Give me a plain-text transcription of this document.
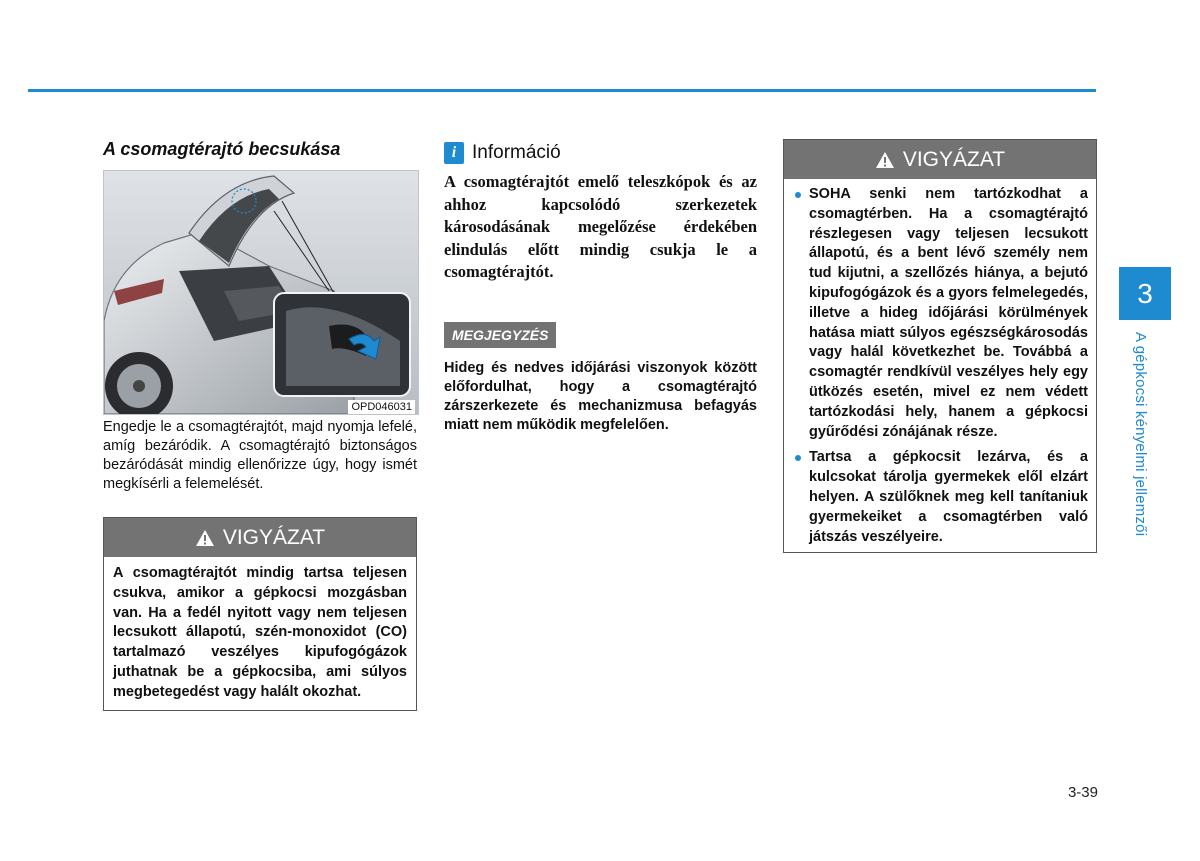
A csomagtérajtó becsukása
OPD046031

Engedje le a csomagtérajtót, majd nyomja lefelé, amíg bezáródik. A csomagtérajtó biztonságos bezáródását mindig ellenőrizze úgy, hogy ismét megkísérli a felemelését.

VIGYÁZAT
A csomagtérajtót mindig tartsa teljesen csukva, amikor a gépkocsi mozgásban van. Ha a fedél nyitott vagy nem teljesen lecsukott állapotú, szén-monoxidot (CO) tartalmazó veszélyes kipufogógázok juthatnak be a gépkocsiba, ami súlyos megbetegedést vagy halált okozhat.
i Információ

A csomagtérajtót emelő teleszkópok és az ahhoz kapcsolódó szerkezetek károsodásának megelőzése érdekében elindulás előtt mindig csukja le a csomagtérajtót.

MEGJEGYZÉS

Hideg és nedves időjárási viszonyok között előfordulhat, hogy a csomagtérajtó zárszerkezete és mechanizmusa befagyás miatt nem működik megfelelően.

VIGYÁZAT
SOHA senki nem tartózkodhat a csomagtérben. Ha a csomagtérajtó részlegesen vagy teljesen lecsukott állapotú, és a bent lévő személy nem tud kijutni, a szellőzés hiánya, a bejutó kipufogógázok és a gyors felmelegedés, illetve a hideg időjárási körülmények hatása miatt súlyos egészségkárosodás vagy halál következhet be. Továbbá a csomagtér rendkívül veszélyes hely egy ütközés esetén, mivel ez nem védett tartózkodási hely, hanem a gépkocsi gyűrődési zónájának része.
Tartsa a gépkocsit lezárva, és a kulcsokat tárolja gyermekek elől elzárt helyen. A szülőknek meg kell tanítaniuk gyermekeiket a csomagtérben való játszás veszélyeire.
3
A gépkocsi kényelmi jellemzői
3-39
